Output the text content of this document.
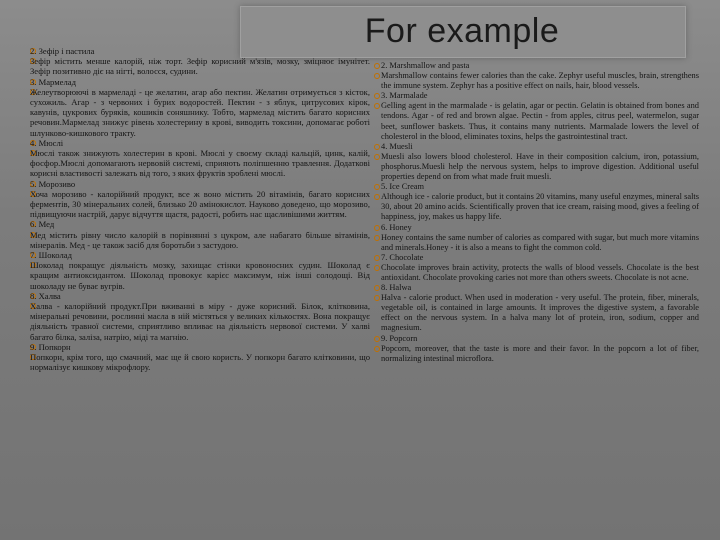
For example

2. Зефір і пастила

Зефір містить менше калорій, ніж торт. Зефір корисний м'язів, мозку, зміцнює імунітет. Зефір позитивно діє на нігті, волосся, судини.

3. Мармелад

Желеутворюючі в мармеладі - це желатин, агар або пектин. Желатин отримується з кісток, сухожиль. Агар - з червоних і бурих водоростей. Пектин - з яблук, цитрусових кірок, кавунів, цукрових буряків, кошиків соняшнику. Тобто, мармелад містить багато корисних речовин.Мармелад знижує рівень холестерину в крові, виводить токсини, допомагає роботі шлунково-кишкового тракту.

4. Мюслі

Мюслі також знижують холестерин в крові. Мюслі у своєму складі кальцій, цинк, калій, фосфор.Мюслі допомагають нервовій системі, сприяють поліпшенню травлення. Додаткові корисні властивості залежать від того, з яких фруктів зроблені мюслі.

5. Морозиво

Хоча морозиво - калорійний продукт, все ж воно містить 20 вітамінів, багато корисних ферментів, 30 мінеральних солей, близько 20 амінокислот. Науково доведено, що морозиво, підвищуючи настрій, дарує відчуття щастя, радості, робить нас щасливішими життям.

6. Мед

Мед містить рівну число калорій в порівнянні з цукром, але набагато більше вітамінів, мінералів. Мед - це також засіб для боротьби з застудою.

7. Шоколад

Шоколад покращує діяльність мозку, захищає стінки кровоносних судин. Шоколад є кращим антиоксидантом. Шоколад провокує карієс максимум, ніж інші солодощі. Від шоколаду не буває вугрів.

8. Халва

Халва - калорійний продукт.При вживанні в міру - дуже корисний. Білок, клітковина, мінеральні речовини, рослинні масла в ній містяться у великих кількостях. Вона покращує діяльність травної системи, сприятливо впливає на діяльність нервової системи. У халві багато білка, заліза, натрію, міді та магнію.

9. Попкорн

Попкорн, крім того, що смачний, має ще й свою користь. У попкорн багато клітковини, що нормалізує кишкову мікрофлору.

2. Marshmallow and pasta

Marshmallow contains fewer calories than the cake. Zephyr useful muscles, brain, strengthens the immune system. Zephyr has a positive effect on nails, hair, blood vessels.

3. Marmalade

Gelling agent in the marmalade - is gelatin, agar or pectin. Gelatin is obtained from bones and tendons. Agar - of red and brown algae. Pectin - from apples, citrus peel, watermelon, sugar beet, sunflower baskets. Thus, it contains many nutrients. Marmalade lowers the level of cholesterol in the blood, eliminates toxins, helps the gastrointestinal tract.

4. Muesli

Muesli also lowers blood cholesterol. Have in their composition calcium, iron, potassium, phosphorus.Muesli help the nervous system, helps to improve digestion. Additional useful properties depend on from what made fruit muesli.

5. Ice Cream

Although ice - calorie product, but it contains 20 vitamins, many useful enzymes, mineral salts 30, about 20 amino acids. Scientifically proven that ice cream, raising mood, gives a feeling of happiness, joy, makes us happy life.

6. Honey

Honey contains the same number of calories as compared with sugar, but much more vitamins and minerals.Honey - it is also a means to fight the common cold.

7. Chocolate

Chocolate improves brain activity, protects the walls of blood vessels. Chocolate is the best antioxidant. Chocolate provoking caries not more than others sweets. Chocolate is not acne.

8. Halwa

Halva - calorie product. When used in moderation - very useful. The protein, fiber, minerals, vegetable oil, is contained in large amounts. It improves the digestive system, a favorable effect on the nervous system. In a halva many lot of protein, iron, sodium, copper and magnesium.

9. Popcorn

Popcorn, moreover, that the taste is more and their favor. In the popcorn a lot of fiber, normalizing intestinal microflora.
